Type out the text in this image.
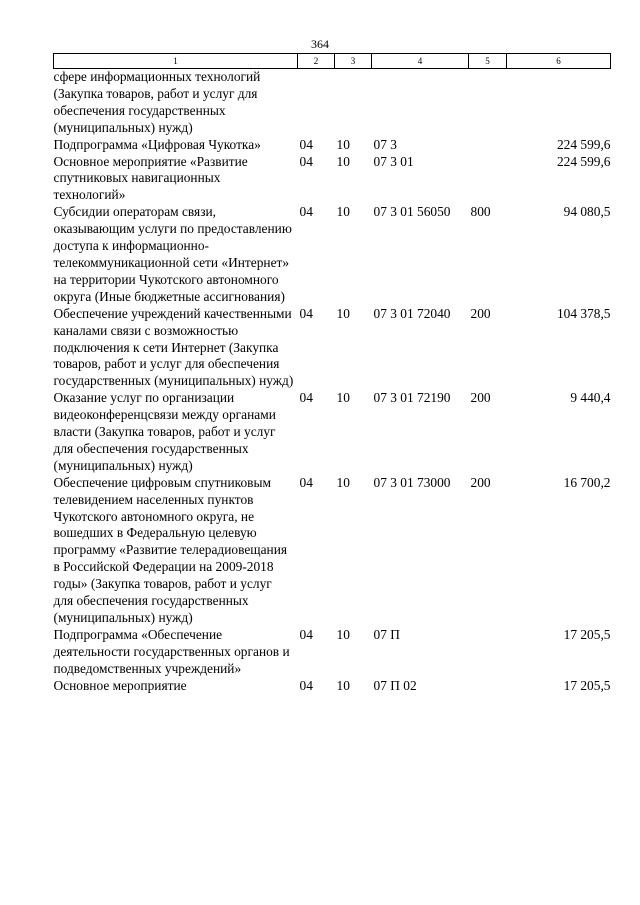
364
1	2	3	4	5	6
сфере информационных технологий (Закупка товаров, работ и услуг для обеспечения государственных (муниципальных) нужд)					
Подпрограмма «Цифровая Чукотка»	04	10	07 3		224 599,6
Основное мероприятие «Развитие спутниковых навигационных технологий»	04	10	07 3 01		224 599,6
Субсидии операторам связи, оказывающим услуги по предоставлению доступа к информационно-телекоммуникационной сети «Интернет» на территории Чукотского автономного округа (Иные бюджетные ассигнования)	04	10	07 3 01 56050	800	94 080,5
Обеспечение учреждений качественными каналами связи с возможностью подключения к сети Интернет (Закупка товаров, работ и услуг для обеспечения государственных (муниципальных) нужд)	04	10	07 3 01 72040	200	104 378,5
Оказание услуг по организации видеоконференцсвязи между органами власти (Закупка товаров, работ и услуг для обеспечения государственных (муниципальных) нужд)	04	10	07 3 01 72190	200	9 440,4
Обеспечение цифровым спутниковым телевидением населенных пунктов Чукотского автономного округа, не вошедших в Федеральную целевую программу «Развитие телерадиовещания в Российской Федерации на 2009-2018 годы» (Закупка товаров, работ и услуг для обеспечения государственных (муниципальных) нужд)	04	10	07 3 01 73000	200	16 700,2
Подпрограмма «Обеспечение деятельности государственных органов и подведомственных учреждений»	04	10	07 П		17 205,5
Основное мероприятие	04	10	07 П 02		17 205,5
